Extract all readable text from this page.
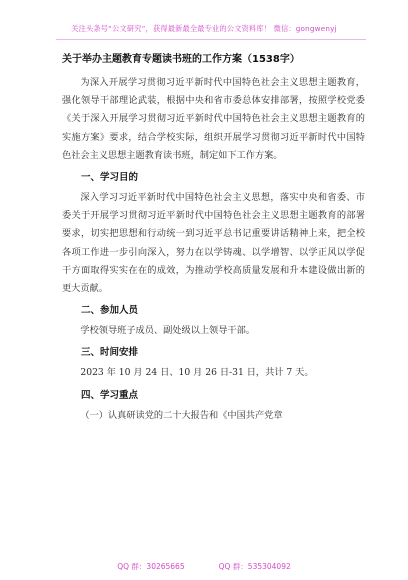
关注头条号“公文研究”，获得最新最全最专业的公文资料库！ 微信：gongwenyj
关于举办主题教育专题读书班的工作方案（1538字）

为深入开展学习贯彻习近平新时代中国特色社会主义思想主题教育，强化领导干部理论武装，根据中央和省市委总体安排部署，按照学校党委《关于深入开展学习贯彻习近平新时代中国特色社会主义思想主题教育的实施方案》要求，结合学校实际，组织开展学习贯彻习近平新时代中国特色社会主义思想主题教育读书班，制定如下工作方案。

一、学习目的

深入学习习近平新时代中国特色社会主义思想，落实中央和省委、市委关于开展学习贯彻习近平新时代中国特色社会主义思想主题教育的部署要求，切实把思想和行动统一到习近平总书记重要讲话精神上来，把全校各项工作进一步引向深入，努力在以学铸魂、以学增智、以学正风以学促干方面取得实实在在的成效，为推动学校高质量发展和升本建设做出新的更大贡献。

二、参加人员

学校领导班子成员、副处级以上领导干部。

三、时间安排

2023 年 10 月 24 日、10 月 26 日-31 日，共计 7 天。

四、学习重点

（一）认真研读党的二十大报告和《中国共产党章

QQ 群：30265665	QQ 群：535304092
